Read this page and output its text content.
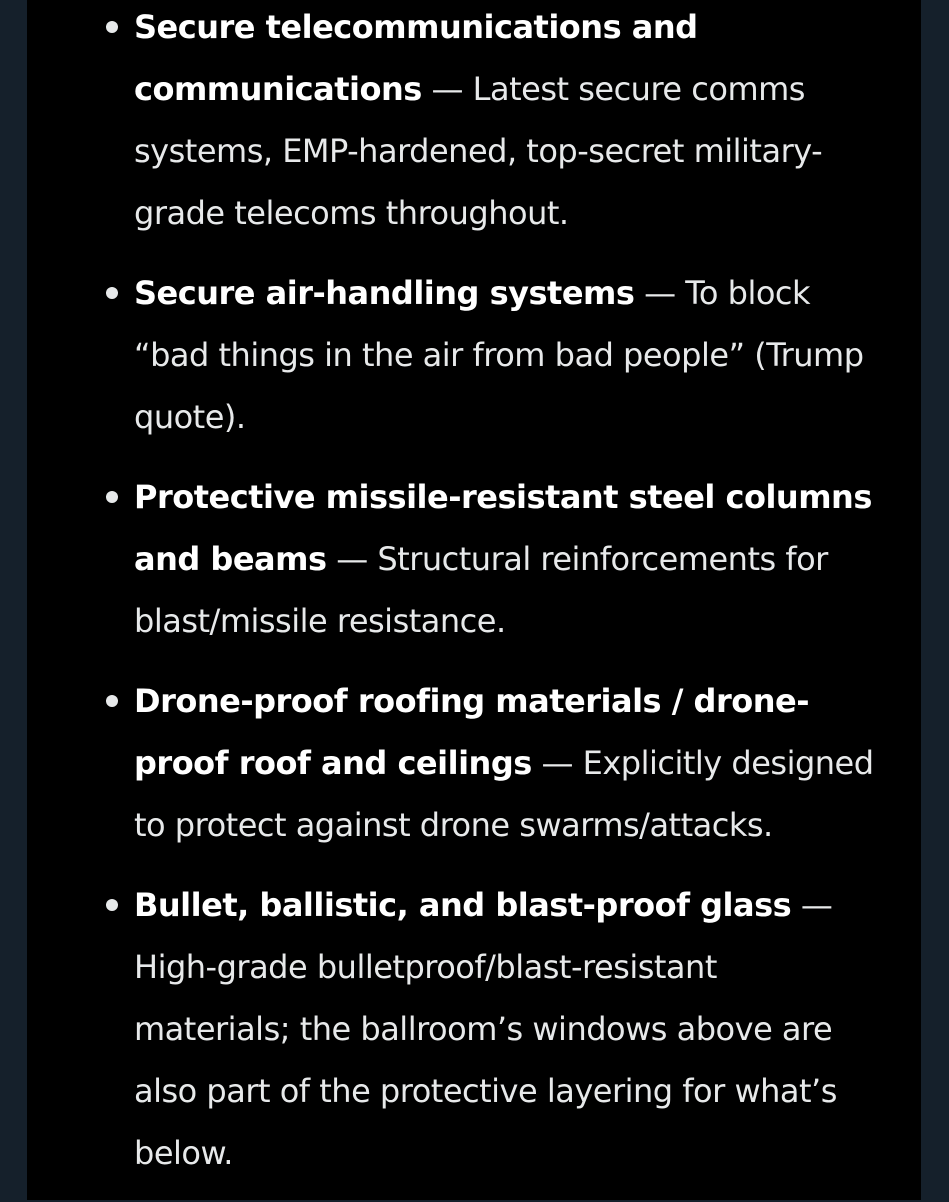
Secure telecommunications and communications — Latest secure comms systems, EMP-hardened, top-secret military-grade telecoms throughout.
Secure air-handling systems — To block “bad things in the air from bad people” (Trump quote).
Protective missile-resistant steel columns and beams — Structural reinforcements for blast/missile resistance.
Drone-proof roofing materials / drone-proof roof and ceilings — Explicitly designed to protect against drone swarms/attacks.
Bullet, ballistic, and blast-proof glass — High-grade bulletproof/blast-resistant materials; the ballroom’s windows above are also part of the protective layering for what’s below.
